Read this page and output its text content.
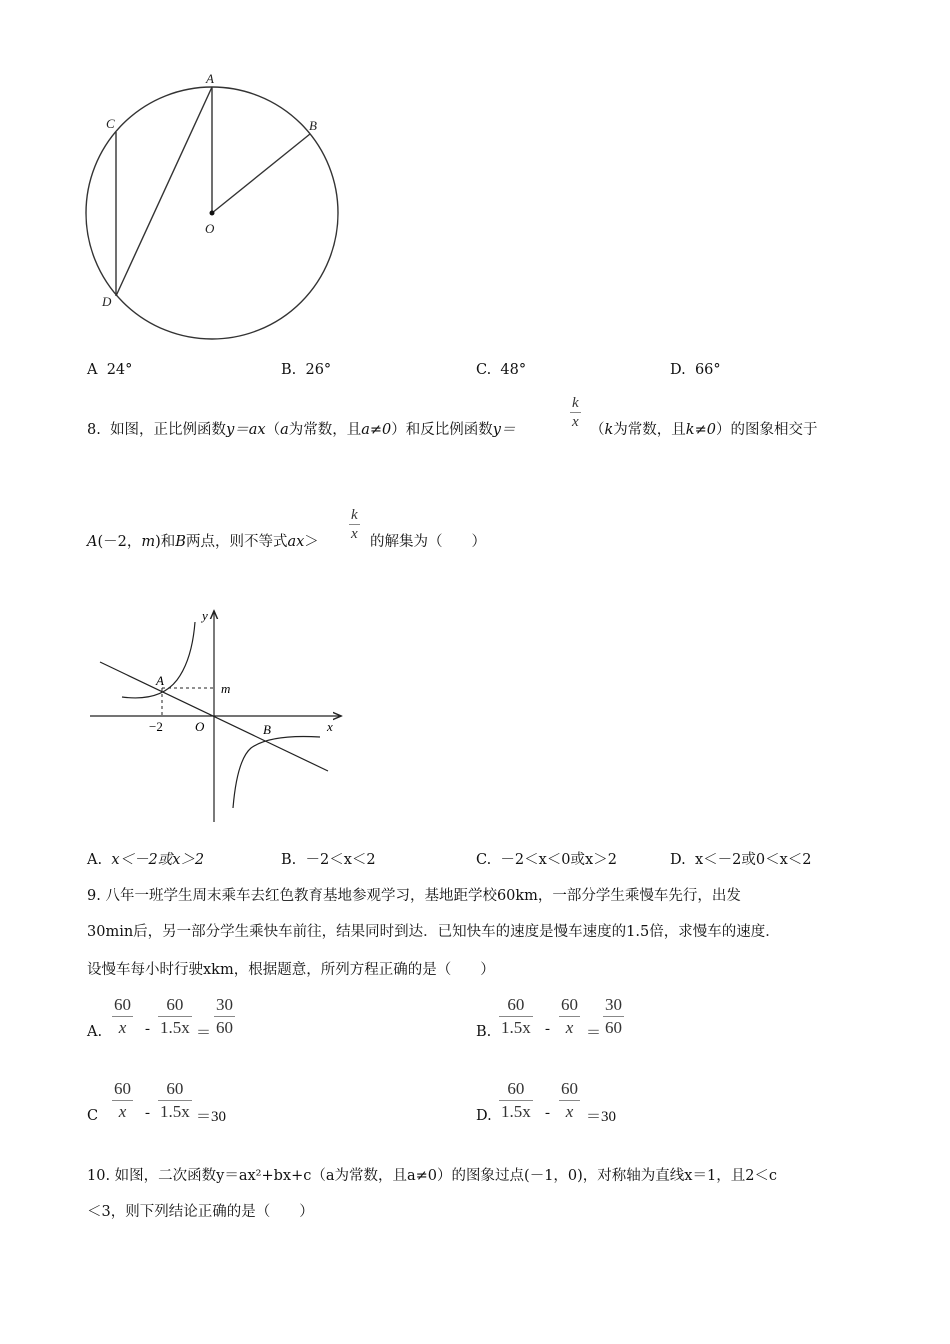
A
B
C
D
O
A 24°	B. 26°	C. 48°	D. 66°
8. 如图，正比例函数y＝ax（a为常数，且a≠0）和反比例函数y＝
k
x （k为常数，且k≠0）的图象相交于
A(－2，m)和B两点，则不等式ax＞
k
x 的解集为（　　）
y
x
O
A
B
m
−2
A. x＜－2或x＞2	B. －2＜x＜2	C. －2＜x＜0或x＞2	D. x＜－2或0＜x＜2
9. 八年一班学生周末乘车去红色教育基地参观学习，基地距学校60km，一部分学生乘慢车先行，出发
30min后，另一部分学生乘快车前往，结果同时到达．已知快车的速度是慢车速度的1.5倍，求慢车的速度．
设慢车每小时行驶xkm，根据题意，所列方程正确的是（　　）
A.
60
x -
60
1.5x ＝
30
60	B.
60
1.5x -
60
x ＝
30
60
C
60
x -
60
1.5x ＝30	D.
60
1.5x -
60
x ＝30
10. 如图，二次函数y＝ax²+bx+c（a为常数，且a≠0）的图象过点(－1，0)，对称轴为直线x＝1，且2＜c
＜3，则下列结论正确的是（　　）
